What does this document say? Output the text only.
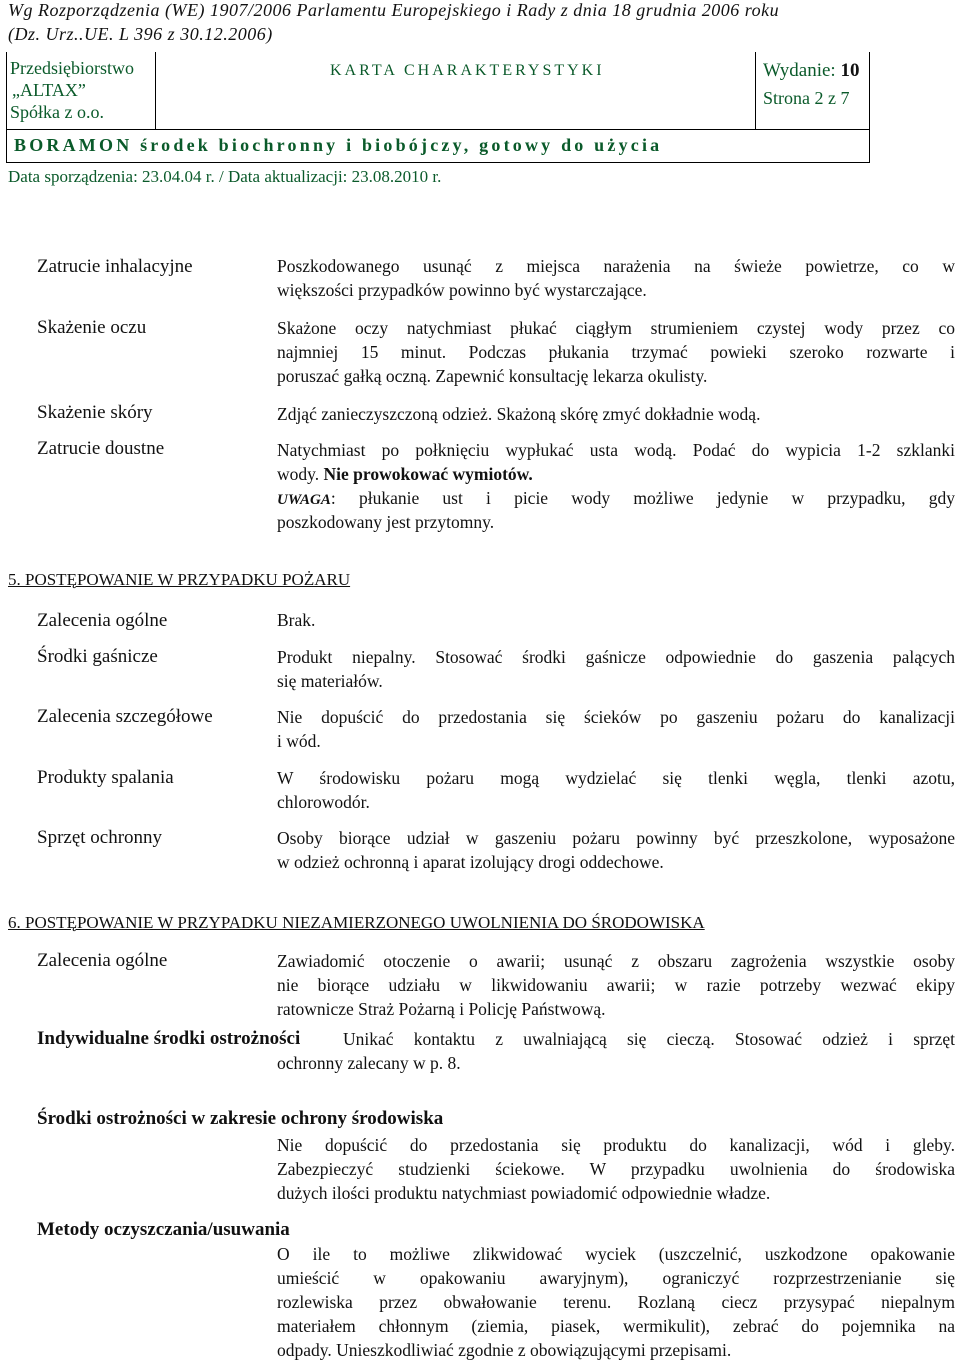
Wg Rozporządzenia (WE) 1907/2006 Parlamentu Europejskiego i Rady z dnia 18 grudnia 2006 roku
(Dz. Urz..UE. L 396 z 30.12.2006)
Przedsiębiorstwo
„ALTAX”
Spółka z o.o.
KARTA CHARAKTERYSTYKI	Wydanie: 10
Strona 2 z 7
BORAMON środek biochronny i biobójczy, gotowy do użycia
Data sporządzenia: 23.04.04 r. / Data aktualizacji: 23.08.2010 r.
Zatrucie inhalacyjne	Poszkodowanego usunąć z miejsca narażenia na świeże powietrze, co w
większości przypadków powinno być wystarczające.
Skażenie oczu	Skażone oczy natychmiast płukać ciągłym strumieniem czystej wody przez co
najmniej 15 minut. Podczas płukania trzymać powieki szeroko rozwarte i
poruszać gałką oczną. Zapewnić konsultację lekarza okulisty.
Skażenie skóry	Zdjąć zanieczyszczoną odzież. Skażoną skórę zmyć dokładnie wodą.
Zatrucie doustne	Natychmiast po połknięciu wypłukać usta wodą. Podać do wypicia 1-2 szklanki
wody. Nie prowokować wymiotów.
UWAGA: płukanie ust i picie wody możliwe jedynie w przypadku, gdy
poszkodowany jest przytomny.
5. POSTĘPOWANIE W PRZYPADKU POŻARU
Zalecenia ogólne	Brak.
Środki gaśnicze	Produkt niepalny. Stosować środki gaśnicze odpowiednie do gaszenia palących
się materiałów.
Zalecenia szczegółowe	Nie dopuścić do przedostania się ścieków po gaszeniu pożaru do kanalizacji
i wód.
Produkty spalania	W środowisku pożaru mogą wydzielać się tlenki węgla, tlenki azotu,
chlorowodór.
Sprzęt ochronny	Osoby biorące udział w gaszeniu pożaru powinny być przeszkolone, wyposażone
w odzież ochronną i aparat izolujący drogi oddechowe.
6. POSTĘPOWANIE W PRZYPADKU NIEZAMIERZONEGO UWOLNIENIA DO ŚRODOWISKA
Zalecenia ogólne	Zawiadomić otoczenie o awarii; usunąć z obszaru zagrożenia wszystkie osoby
nie biorące udziału w likwidowaniu awarii; w razie potrzeby wezwać ekipy
ratownicze Straż Pożarną i Policję Państwową.
Indywidualne środki ostrożności Unikać kontaktu z uwalniającą się cieczą. Stosować odzież i sprzęt
ochronny zalecany w p. 8.
Środki ostrożności w zakresie ochrony środowiska
Nie dopuścić do przedostania się produktu do kanalizacji, wód i gleby.
Zabezpieczyć studzienki ściekowe. W przypadku uwolnienia do środowiska
dużych ilości produktu natychmiast powiadomić odpowiednie władze.
Metody oczyszczania/usuwania
O ile to możliwe zlikwidować wyciek (uszczelnić, uszkodzone opakowanie
umieścić w opakowaniu awaryjnym), ograniczyć rozprzestrzenianie się
rozlewiska przez obwałowanie terenu. Rozlaną ciecz przysypać niepalnym
materiałem chłonnym (ziemia, piasek, wermikulit), zebrać do pojemnika na
odpady. Unieszkodliwiać zgodnie z obowiązującymi przepisami.
